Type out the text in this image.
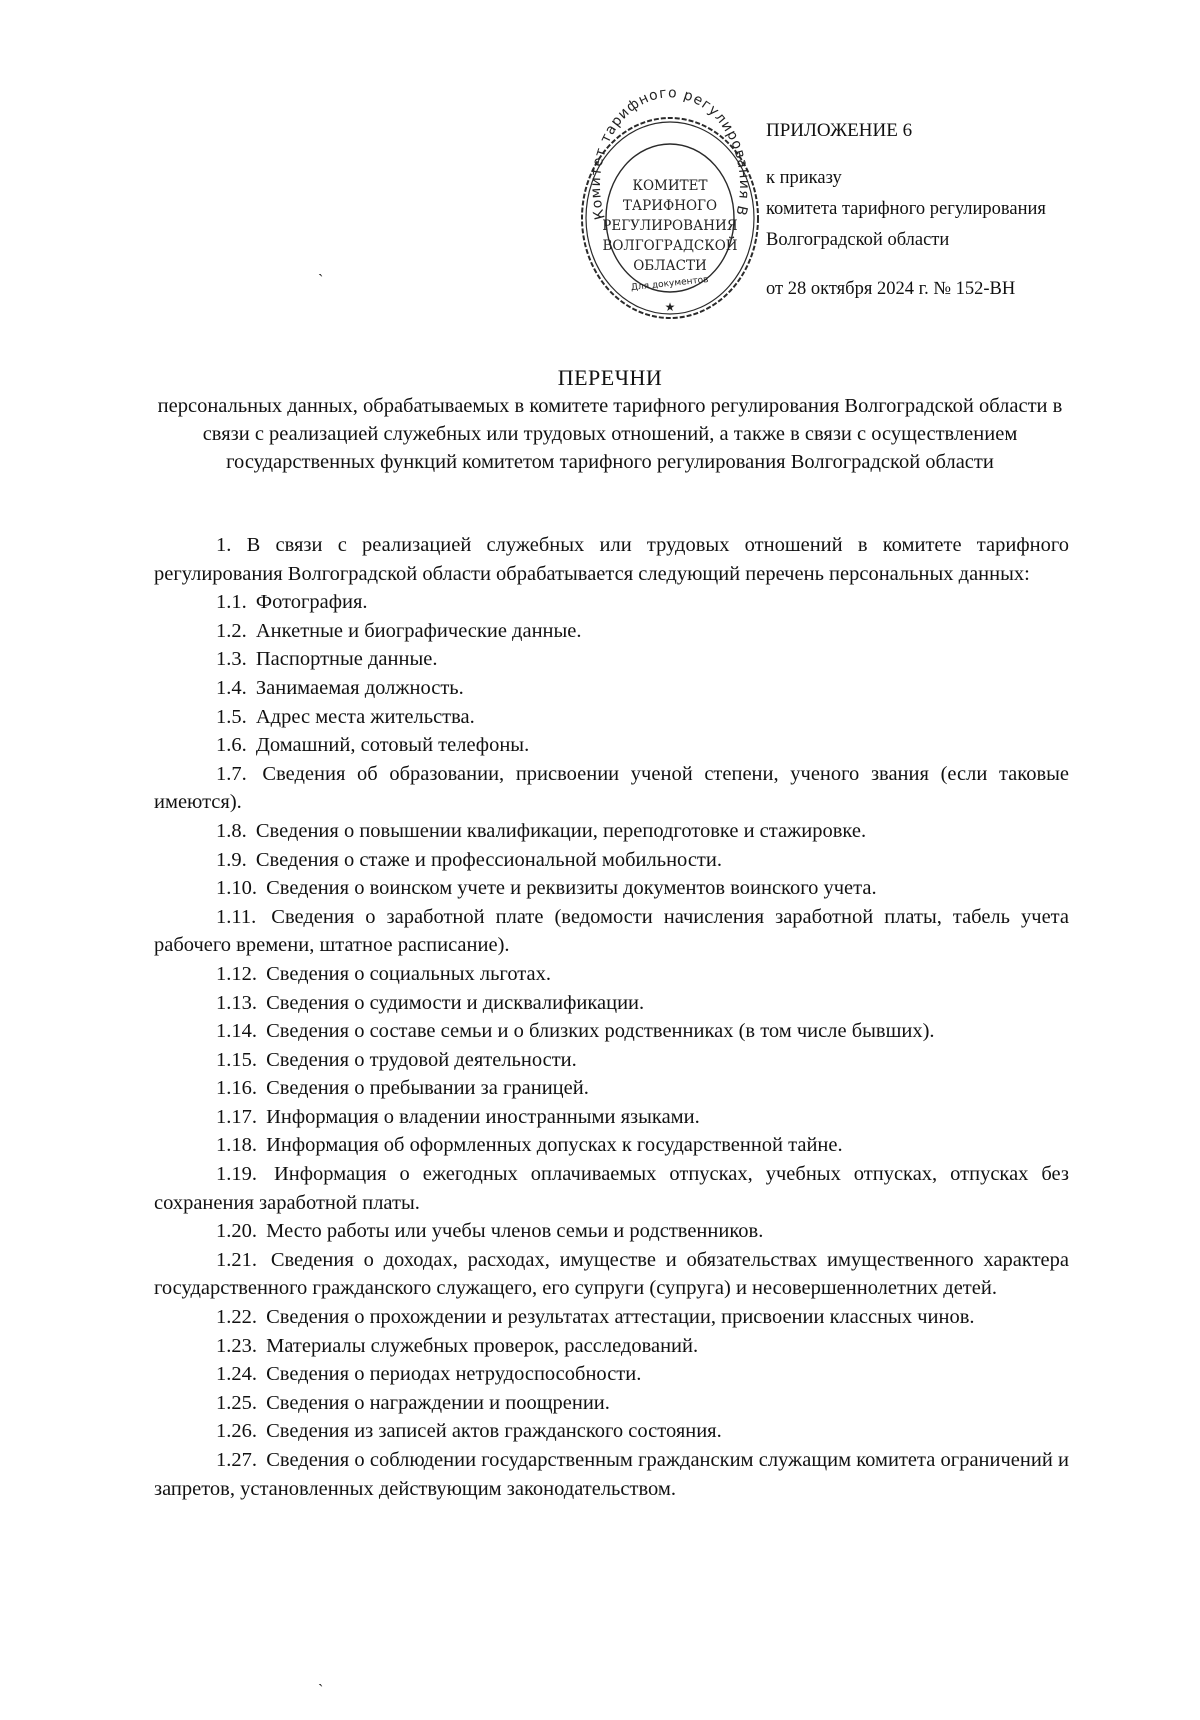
Комитет тарифного регулирования Волгоградской области
КОМИТЕТ
ТАРИФНОГО
РЕГУЛИРОВАНИЯ
ВОЛГОГРАДСКОЙ
ОБЛАСТИ
Для документов
★
ПРИЛОЖЕНИЕ 6
к приказу
комитета тарифного регулирования
Волгоградской области
от 28 октября 2024 г. № 152-ВН
ˋ
ПЕРЕЧНИ
персональных данных, обрабатываемых в комитете тарифного регулирования Волгоградской области в связи с реализацией служебных или трудовых отношений, а также в связи с осуществлением государственных функций комитетом тарифного регулирования Волгоградской области

1. В связи с реализацией служебных или трудовых отношений в комитете тарифного регулирования Волгоградской области обрабатывается следующий перечень персональных данных:

1.1. Фотография.

1.2. Анкетные и биографические данные.

1.3. Паспортные данные.

1.4. Занимаемая должность.

1.5. Адрес места жительства.

1.6. Домашний, сотовый телефоны.

1.7. Сведения об образовании, присвоении ученой степени, ученого звания (если таковые имеются).

1.8. Сведения о повышении квалификации, переподготовке и стажировке.

1.9. Сведения о стаже и профессиональной мобильности.

1.10. Сведения о воинском учете и реквизиты документов воинского учета.

1.11. Сведения о заработной плате (ведомости начисления заработной платы, табель учета рабочего времени, штатное расписание).

1.12. Сведения о социальных льготах.

1.13. Сведения о судимости и дисквалификации.

1.14. Сведения о составе семьи и о близких родственниках (в том числе бывших).

1.15. Сведения о трудовой деятельности.

1.16. Сведения о пребывании за границей.

1.17. Информация о владении иностранными языками.

1.18. Информация об оформленных допусках к государственной тайне.

1.19. Информация о ежегодных оплачиваемых отпусках, учебных отпусках, отпусках без сохранения заработной платы.

1.20. Место работы или учебы членов семьи и родственников.

1.21. Сведения о доходах, расходах, имуществе и обязательствах имущественного характера государственного гражданского служащего, его супруги (супруга) и несовершеннолетних детей.

1.22. Сведения о прохождении и результатах аттестации, присвоении классных чинов.

1.23. Материалы служебных проверок, расследований.

1.24. Сведения о периодах нетрудоспособности.

1.25. Сведения о награждении и поощрении.

1.26. Сведения из записей актов гражданского состояния.

1.27. Сведения о соблюдении государственным гражданским служащим комитета ограничений и запретов, установленных действующим законодательством.

ˋ
